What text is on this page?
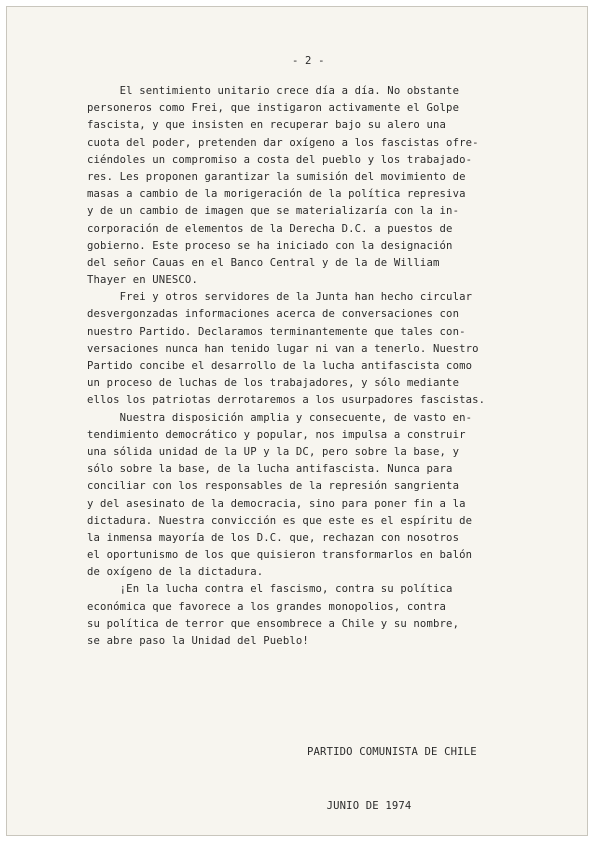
- 2 -
El sentimiento unitario crece día a día. No obstante
personeros como Frei, que instigaron activamente el Golpe
fascista, y que insisten en recuperar bajo su alero una
cuota del poder, pretenden dar oxígeno a los fascistas ofre-
ciéndoles un compromiso a costa del pueblo y los trabajado-
res. Les proponen garantizar la sumisión del movimiento de
masas a cambio de la morigeración de la política represiva
y de un cambio de imagen que se materializaría con la in-
corporación de elementos de la Derecha D.C. a puestos de
gobierno. Este proceso se ha iniciado con la designación
del señor Cauas en el Banco Central y de la de William
Thayer en UNESCO.
Frei y otros servidores de la Junta han hecho circular
desvergonzadas informaciones acerca de conversaciones con
nuestro Partido. Declaramos terminantemente que tales con-
versaciones nunca han tenido lugar ni van a tenerlo. Nuestro
Partido concibe el desarrollo de la lucha antifascista como
un proceso de luchas de los trabajadores, y sólo mediante
ellos los patriotas derrotaremos a los usurpadores fascistas.
Nuestra disposición amplia y consecuente, de vasto en-
tendimiento democrático y popular, nos impulsa a construir
una sólida unidad de la UP y la DC, pero sobre la base, y
sólo sobre la base, de la lucha antifascista. Nunca para
conciliar con los responsables de la represión sangrienta
y del asesinato de la democracia, sino para poner fin a la
dictadura. Nuestra convicción es que este es el espíritu de
la inmensa mayoría de los D.C. que, rechazan con nosotros
el oportunismo de los que quisieron transformarlos en balón
de oxígeno de la dictadura.
¡En la lucha contra el fascismo, contra su política
económica que favorece a los grandes monopolios, contra
su política de terror que ensombrece a Chile y su nombre,
se abre paso la Unidad del Pueblo!

PARTIDO COMUNISTA DE CHILE

JUNIO DE 1974
